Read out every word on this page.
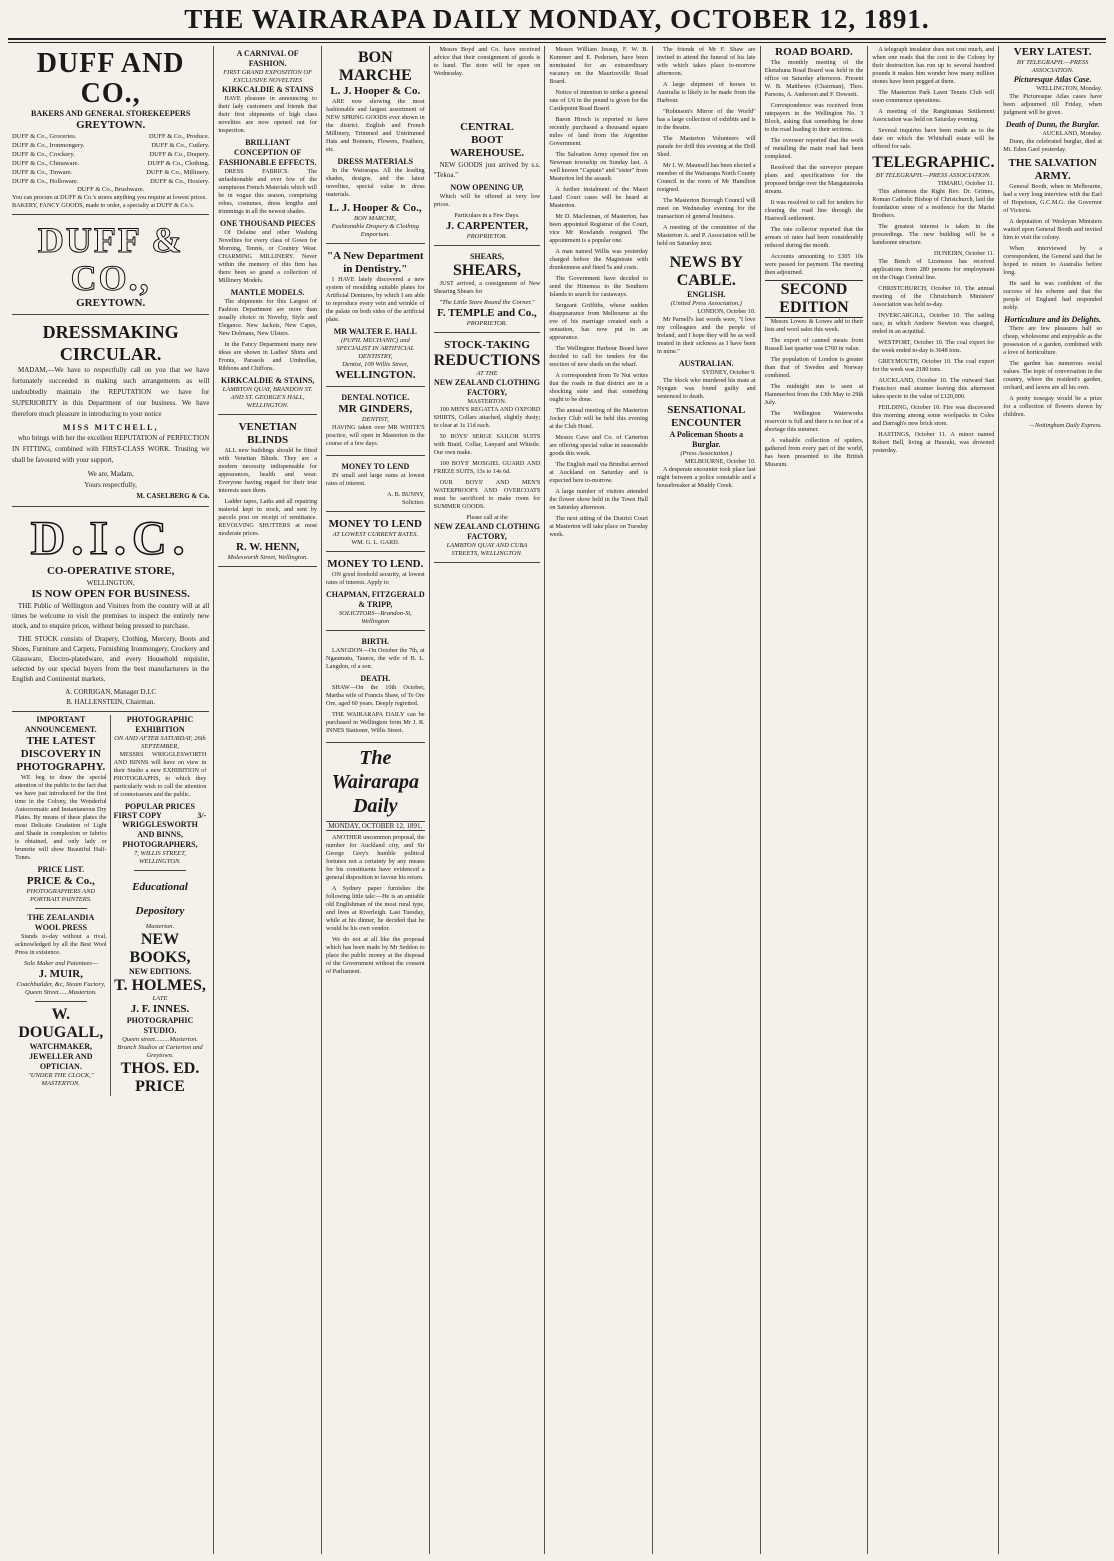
THE WAIRARAPA DAILY MONDAY, OCTOBER 12, 1891.
DUFF AND CO.,
BAKERS AND GENERAL STOREKEEPERS
GREYTOWN.
DUFF & Co., Groceries.
DUFF & Co., Ironmongery.
DUFF & Co., Crockery.
DUFF & Co., Chinaware.
DUFF & Co., Tinware.
DUFF & Co., Holloware.
DUFF & Co., Produce.
DUFF & Co., Cutlery.
DUFF & Co., Drapery.
DUFF & Co., Clothing.
DUFF & Co., Millinery.
DUFF & Co., Hosiery.
DUFF & Co., Brushware.
You can procure at DUFF & Co.'s stores anything you require at lowest prices.
BAKERY, FANCY GOODS, made to order, a specialty at DUFF & Co.'s.
DUFF & CO.,
GREYTOWN.
DRESSMAKING CIRCULAR.

MADAM,—We have to respectfully call on you that we have fortunately succeeded in making such arrangements as will undoubtedly maintain the REPUTATION we have for SUPERIORITY in this Department of our business. We have therefore much pleasure in introducing to your notice

MISS MITCHELL,

who brings with her the excellent REPUTATION of PERFECTION IN FITTING, combined with FIRST-CLASS WORK. Trusting we shall be favoured with your support,

We are, Madam,
Yours respectfully,
M. CASELBERG & Co.
D.I.C.
CO-OPERATIVE STORE,
WELLINGTON,
IS NOW OPEN FOR BUSINESS.

THE Public of Wellington and Visitors from the country will at all times be welcome to visit the premises to inspect the entirely new stock, and to enquire prices, without being pressed to purchase.

THE STOCK consists of Drapery, Clothing, Mercery, Boots and Shoes, Furniture and Carpets, Furnishing Ironmongery, Crockery and Glassware, Electro-platedware, and every Household requisite, selected by our special buyers from the best manufacturers in the English and Continental markets.

A. CORRIGAN, Manager D.I.C
B. HALLENSTEIN, Chairman.
IMPORTANT ANNOUNCEMENT.
THE LATEST DISCOVERY IN PHOTOGRAPHY.

WE beg to draw the special attention of the public to the fact that we have just introduced for the first time in the Colony, the Wonderful Autocromatic and Instantaneous Dry Plates. By means of these plates the most Delicate Gradation of Light and Shade in complexion or fabrics is obtained, and only lady or brunette will show Beautiful Half-Tones.

PRICE LIST.
PRICE & Co.,
PHOTOGRAPHERS AND PORTRAIT PAINTERS.
THE ZEALANDIA WOOL PRESS

Stands to-day without a rival, acknowledged by all the Best Wool Press in existence.

Sole Maker and Patentees—
J. MUIR,
Coachbuilder, &c, Steam Factory, Queen Street......Masterton.
W. DOUGALL,
WATCHMAKER, JEWELLER AND OPTICIAN.
"UNDER THE CLOCK," MASTERTON.
PHOTOGRAPHIC EXHIBITION
ON AND AFTER SATURDAY, 26th SEPTEMBER,

MESSRS WRIGGLESWORTH AND BINNS will have on view in their Studio a new EXHIBITION of PHOTOGRAPHS, to which they particularly wish to call the attention of connoisseurs and the public.

POPULAR PRICES
FIRST COPY	3/-
WRIGGLESWORTH AND BINNS, PHOTOGRAPHERS,
7, WILLIS STREET, WELLINGTON.
Educational Depository
Masterton.
NEW BOOKS,
NEW EDITIONS.
T. HOLMES,
LATE
J. F. INNES.
PHOTOGRAPHIC STUDIO.
Queen street.........Masterton.
Branch Studios at Carterton and Greytown.
THOS. ED. PRICE
A CARNIVAL OF FASHION.
FIRST GRAND EXPOSITION OF EXCLUSIVE NOVELTIES
KIRKCALDIE & STAINS

HAVE pleasure in announcing to their lady customers and friends that their first shipments of high class novelties are now opened out for inspection.

BRILLIANT CONCEPTION OF FASHIONABLE EFFECTS.

DRESS FABRICS. The unfashionable and ever few of the sumptuous French Materials which will be in vogue this season, comprising robes, costumes, dress lengths and trimmings in all the newest shades.

ONE THOUSAND PIECES

Of Delaine and other Washing Novelties for every class of Gown for Morning, Tennis, or Country Wear. CHARMING MILLINERY. Never within the memory of this firm has there been so grand a collection of Millinery Models.

MANTLE MODELS.

The shipments for this Largest of Fashion Department are more than usually choice in Novelty, Style and Elegance. New Jackets, New Capes, New Dolmans, New Ulsters.

In the Fancy Department many new ideas are shown in Ladies' Shirts and Fronts, Parasols and Umbrellas, Ribbons and Chiffons.

KIRKCALDIE & STAINS,
LAMBTON QUAY, BRANDON ST. AND ST. GEORGE'S HALL, WELLINGTON.
VENETIAN BLINDS

ALL new buildings should be fitted with Venetian Blinds. They are a modern necessity indispensable for appearances, health and wear. Everyone having regard for their true interests uses them.

Ladder tapes, Laths and all repairing material kept in stock, and sent by parcels post on receipt of remittance. REVOLVING SHUTTERS at most moderate prices.

R. W. HENN,
Molesworth Street, Wellington.
BON MARCHE
L. J. Hooper & Co.

ARE now showing the most fashionable and largest assortment of NEW SPRING GOODS ever shown in the district. English and French Millinery, Trimmed and Untrimmed Hats and Bonnets, Flowers, Feathers, etc.

DRESS MATERIALS

In the Wairarapa. All the leading shades, designs, and the latest novelties, special value in dress materials.

L. J. Hooper & Co.,
BON MARCHE,
Fashionable Drapery & Clothing Emporium.
"A New Department in Dentistry."

I HAVE lately discovered a new system of moulding suitable plates for Artificial Dentures, by which I am able to reproduce every vein and wrinkle of the palate on both sides of the artificial plate.

MR WALTER E. HALL
(PUPIL MECHANIC) and SPECIALIST IN ARTIFICIAL DENTISTRY,
Dentist, 109 Willis Street,
WELLINGTON.
DENTAL NOTICE.
MR GINDERS,
DENTIST,

HAVING taken over MR WHITE'S practice, will open in Masterton in the course of a few days.

MONEY TO LEND

IN small and large sums at lowest rates of interest.

A. B. BUNNY,
Solicitor.
MONEY TO LEND
AT LOWEST CURRENT RATES.
WM. G. L. GARD.
MONEY TO LEND.

ON good freehold security, at lowest rates of interest. Apply to

CHAPMAN, FITZGERALD & TRIPP,
SOLICITORS—Brandon-St, Wellington
BIRTH.

LANGDON—On October the 7th, at Ngaumutu, Taueru, the wife of B. L. Langdon, of a son.

DEATH.

SHAW—On the 10th October, Martha wife of Francis Shaw, of Te Ore Ore, aged 60 years. Deeply regretted.

THE WAIRARAPA DAILY can be purchased in Wellington from Mr J. R. INNES Stationer, Willis Street.

The Wairarapa Daily
MONDAY, OCTOBER 12, 1891.

ANOTHER uncommon proposal, the number for Auckland city, and Sir George Grey's humble political fortunes not a certainty by any means for his constituents have evidenced a general disposition to favour his return.

A Sydney paper furnishes the following little tale:—He is an amiable old Englishman of the most rural type, and lives at Riverleigh. Last Tuesday, while at his dinner, he decided that he would be his own vendor.

We do not at all like the proposal which has been made by Mr Seddon to place the public money at the disposal of the Government without the consent of Parliament.

Messrs Boyd and Co. have received advice that their consignment of goods is to hand. The store will be open on Wednesday.

CENTRAL
BOOT WAREHOUSE.

NEW GOODS just arrived by s.s. "Tekoa."

NOW OPENING UP,

Which will be offered at very low prices.

Particulars in a Few Days.
J. CARPENTER,
PROPRIETOR.
SHEARS,
SHEARS,

JUST arrived, a consignment of New Shearing Shears for

"The Little Store Round the Corner."
F. TEMPLE and Co.,
PROPRIETOR.
STOCK-TAKING
REDUCTIONS
AT THE
NEW ZEALAND CLOTHING FACTORY,
MASTERTON.

100 MEN'S REGATTA AND OXFORD SHIRTS, Collars attached, slightly dusty; to clear at 1s 11d each.

50 BOYS' SERGE SAILOR SUITS with Braid, Collar, Lanyard and Whistle. Our own make.

100 BOYS' MOSGIEL GUARD AND FRIEZE SUITS, 13s to 14s 6d.

OUR BOYS' AND MEN'S WATERPROOFS AND OVERCOATS must be sacrificed to make room for SUMMER GOODS.

Please call at the
NEW ZEALAND CLOTHING FACTORY,
LAMBTON QUAY AND CUBA STREETS, WELLINGTON.

Messrs William Jessup, F. W. B. Kummer and E. Pedersen, have been nominated for an extraordinary vacancy on the Mauriceville Road Board.

Notice of intention to strike a general rate of 1/6 in the pound is given for the Castlepoint Road Board.

Baron Hirsch is reported to have recently purchased a thousand square miles of land from the Argentine Government.

The Salvation Army opened fire on Newman township on Sunday last. A well known "Captain" and "sister" from Masterton led the assault.

A further instalment of the Maori Land Court cases will be heard at Masterton.

Mr D. Maclennan, of Masterton, has been appointed Registrar of the Court, vice Mr Rowlands resigned. The appointment is a popular one.

A man named Willis was yesterday charged before the Magistrate with drunkenness and fined 5s and costs.

The Government have decided to send the Hinemoa to the Southern Islands to search for castaways.

Sergeant Griffiths, whose sudden disappearance from Melbourne at the eve of his marriage created such a sensation, has now put in an appearance.

The Wellington Harbour Board have decided to call for tenders for the erection of new sheds on the wharf.

A correspondent from Te Nui writes that the roads in that district are in a shocking state and that something ought to be done.

The annual meeting of the Masterton Jockey Club will be held this evening at the Club Hotel.

Messrs Cave and Co. of Carterton are offering special value in seasonable goods this week.

The English mail via Brindisi arrived at Auckland on Saturday and is expected here to-morrow.

A large number of visitors attended the flower show held in the Town Hall on Saturday afternoon.

The next sitting of the District Court at Masterton will take place on Tuesday week.

The friends of Mr F. Shaw are invited to attend the funeral of his late wife which takes place to-morrow afternoon.

A large shipment of horses to Australia is likely to be made from the Harbour.

"Robinson's Mirror of the World" has a large collection of exhibits and is in the theatre.

The Masterton Volunteers will parade for drill this evening at the Drill Shed.

Mr J. W. Maunsell has been elected a member of the Wairarapa North County Council in the room of Mr Hamilton resigned.

The Masterton Borough Council will meet on Wednesday evening for the transaction of general business.

A meeting of the committee of the Masterton A. and P. Association will be held on Saturday next.

NEWS BY CABLE.
ENGLISH.
(United Press Association.)
LONDON, October 10.

Mr Parnell's last words were, "I love my colleagues and the people of Ireland, and I hope they will be as well treated in their sickness as I have been in mine."

AUSTRALIAN.
SYDNEY, October 9.

The block who murdered his mate at Nyngan was found guilty and sentenced to death.

SENSATIONAL ENCOUNTER
A Policeman Shoots a Burglar.
(Press Association.)
MELBOURNE, October 10.

A desperate encounter took place last night between a police constable and a housebreaker at Muddy Creek.

ROAD BOARD.

The monthly meeting of the Eketahuna Road Board was held in the office on Saturday afternoon. Present W. B. Matthews (Chairman), Thos. Parsons, A. Anderson and F. Dowsett.

Correspondence was received from ratepayers in the Wellington No. 3 Block, asking that something be done to the road leading to their sections.

The overseer reported that the work of metalling the main road had been completed.

Resolved that the surveyor prepare plans and specifications for the proposed bridge over the Mangatainoka stream.

It was resolved to call for tenders for clearing the road line through the Hastwell settlement.

The rate collector reported that the arrears of rates had been considerably reduced during the month.

Accounts amounting to £305 10s were passed for payment. The meeting then adjourned.

SECOND EDITION

Messrs Lowes & Lowes add to their lists and wool sales this week.

The export of canned meats from Russell last quarter was £760 in value.

The population of London is greater than that of Sweden and Norway combined.

The midnight sun is seen at Hammerfest from the 13th May to 29th July.

The Wellington Waterworks reservoir is full and there is no fear of a shortage this summer.

A valuable collection of spiders, gathered from every part of the world, has been presented to the British Museum.

A telegraph insulator does not cost much, and when one reads that the cost to the Colony by their destruction has run up to several hundred pounds it makes him wonder how many million stones have been pegged at them.

The Masterton Park Lawn Tennis Club will soon commence operations.

A meeting of the Rangitumau Settlement Association was held on Saturday evening.

Several inquiries have been made as to the date on which the Whitehall estate will be offered for sale.

TELEGRAPHIC.
BY TELEGRAPH.—PRESS ASSOCIATION.
TIMARU, October 11.

This afternoon the Right Rev. Dr. Grimes, Roman Catholic Bishop of Christchurch, laid the foundation stone of a residence for the Marist Brothers.

The greatest interest is taken in the proceedings. The new building will be a handsome structure.

DUNEDIN, October 11.

The Bench of Licensees has received applications from 280 persons for employment on the Otago Central line.

CHRISTCHURCH, October 10. The annual meeting of the Christchurch Ministers' Association was held to-day.

INVERCARGILL, October 10. The sailing race, in which Andrew Newton was charged, ended in an acquittal.

WESTPORT, October 10. The coal export for the week ended to-day is 3648 tons.

GREYMOUTH, October 10. The coal export for the week was 2180 tons.

AUCKLAND, October 10. The outward San Francisco mail steamer leaving this afternoon takes specie to the value of £120,000.

FEILDING, October 10. Fire was discovered this morning among some woolpacks in Coles and Darragh's new brick store.

HASTINGS, October 11. A minor named Robert Bell, living at Hauraki, was drowned yesterday.

VERY LATEST.
BY TELEGRAPH.—PRESS ASSOCIATION.
Picturesque Atlas Case.
WELLINGTON, Monday.

The Picturesque Atlas cases have been adjourned till Friday, when judgment will be given.

Death of Dunn, the Burglar.
AUCKLAND, Monday.

Dunn, the celebrated burglar, died at Mt. Eden Gaol yesterday.

THE SALVATION ARMY.

General Booth, when in Melbourne, had a very long interview with the Earl of Hopetoun, G.C.M.G. the Governor of Victoria.

A deputation of Wesleyan Ministers waited upon General Booth and invited him to visit the colony.

When interviewed by a correspondent, the General said that he hoped to return to Australia before long.

He said he was confident of the success of his scheme and that the people of England had responded nobly.

Horticulture and its Delights.

There are few pleasures half so cheap, wholesome and enjoyable as the possession of a garden, combined with a love of horticulture.

The garden has numerous social values. The topic of conversation in the country, where the resident's garden, orchard, and lawns are all his own.

A pretty nosegay would be a prize for a collection of flowers shown by children.

—Nottingham Daily Express.
